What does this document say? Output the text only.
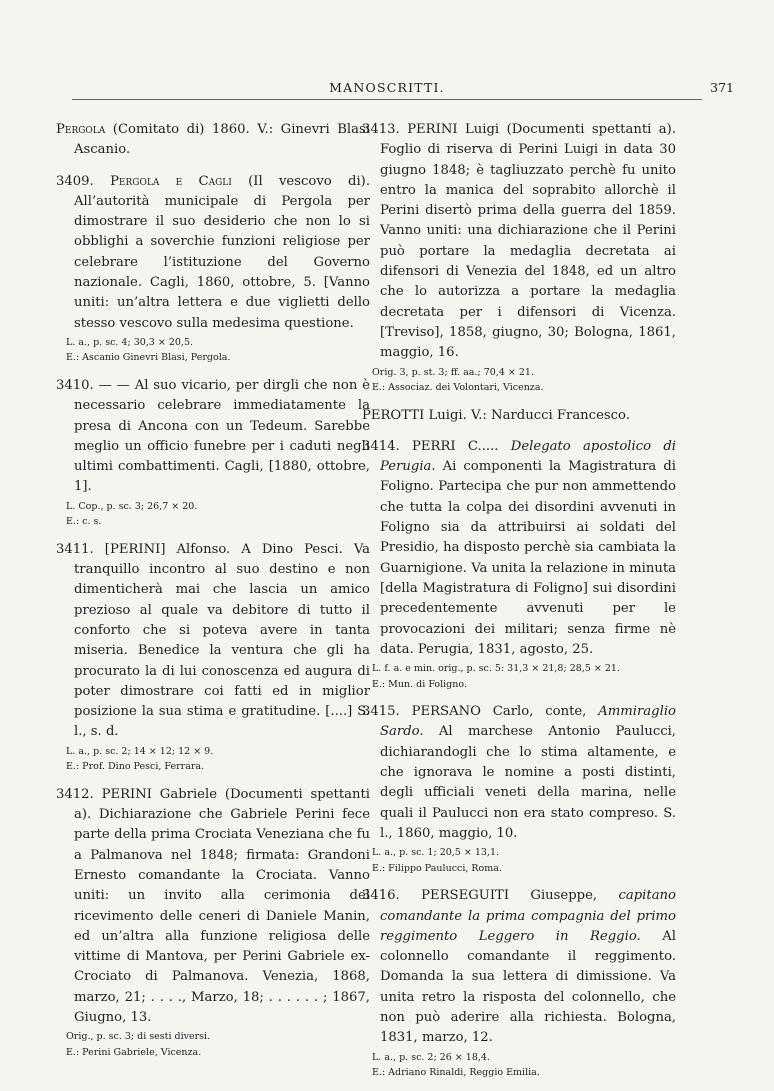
MANOSCRITTI.	371
Pergola (Comitato di) 1860. V.: Ginevri Blasi Ascanio.
3409. Pergola e Cagli (Il vescovo di). All’autorità municipale di Pergola per dimostrare il suo desiderio che non lo si obblighi a soverchie funzioni religiose per celebrare l’istituzione del Governo nazionale. Cagli, 1860, ottobre, 5. [Vanno uniti: un’altra lettera e due viglietti dello stesso vescovo sulla medesima questione.
L. a., p. sc. 4; 30,3 × 20,5.
E.: Ascanio Ginevri Blasi, Pergola.
3410. — — Al suo vicario, per dirgli che non è necessario celebrare immediatamente la presa di Ancona con un Tedeum. Sarebbe meglio un officio funebre per i caduti negli ultimi combattimenti. Cagli, [1880, ottobre, 1].
L. Cop., p. sc. 3; 26,7 × 20.
E.: c. s.
3411. [PERINI] Alfonso. A Dino Pesci. Va tranquillo incontro al suo destino e non dimenticherà mai che lascia un amico prezioso al quale va debitore di tutto il conforto che si poteva avere in tanta miseria. Benedice la ventura che gli ha procurato la di lui conoscenza ed augura di poter dimostrare coi fatti ed in miglior posizione la sua stima e gratitudine. [....] S. l., s. d.
L. a., p. sc. 2; 14 × 12; 12 × 9.
E.: Prof. Dino Pesci, Ferrara.
3412. PERINI Gabriele (Documenti spettanti a). Dichiarazione che Gabriele Perini fece parte della prima Crociata Veneziana che fu a Palmanova nel 1848; firmata: Grandoni Ernesto comandante la Crociata. Vanno uniti: un invito alla cerimonia del ricevimento delle ceneri di Daniele Manin, ed un’altra alla funzione religiosa delle vittime di Mantova, per Perini Gabriele ex-Crociato di Palmanova. Venezia, 1868, marzo, 21; . . . ., Marzo, 18; . . . . . . ; 1867, Giugno, 13.
Orig., p. sc. 3; di sesti diversi.
E.: Perini Gabriele, Vicenza.
3413. PERINI Luigi (Documenti spettanti a). Foglio di riserva di Perini Luigi in data 30 giugno 1848; è tagliuzzato perchè fu unito entro la manica del soprabito allorchè il Perini disertò prima della guerra del 1859. Vanno uniti: una dichiarazione che il Perini può portare la medaglia decretata ai difensori di Venezia del 1848, ed un altro che lo autorizza a portare la medaglia decretata per i difensori di Vicenza. [Treviso], 1858, giugno, 30; Bologna, 1861, maggio, 16.
Orig. 3, p. st. 3; ff. aa.; 70,4 × 21.
E.: Associaz. dei Volontari, Vicenza.
PEROTTI Luigi. V.: Narducci Francesco.
3414. PERRI C..... Delegato apostolico di Perugia. Ai componenti la Magistratura di Foligno. Partecipa che pur non ammettendo che tutta la colpa dei disordini avvenuti in Foligno sia da attribuirsi ai soldati del Presidio, ha disposto perchè sia cambiata la Guarnigione. Va unita la relazione in minuta [della Magistratura di Foligno] sui disordini precedentemente avvenuti per le provocazioni dei militari; senza firme nè data. Perugia, 1831, agosto, 25.
L. f. a. e min. orig., p. sc. 5: 31,3 × 21,8; 28,5 × 21.
E.: Mun. di Foligno.
3415. PERSANO Carlo, conte, Ammiraglio Sardo. Al marchese Antonio Paulucci, dichiarandogli che lo stima altamente, e che ignorava le nomine a posti distinti, degli ufficiali veneti della marina, nelle quali il Paulucci non era stato compreso. S. l., 1860, maggio, 10.
L. a., p. sc. 1; 20,5 × 13,1.
E.: Filippo Paulucci, Roma.
3416. PERSEGUITI Giuseppe, capitano comandante la prima compagnia del primo reggimento Leggero in Reggio. Al colonnello comandante il reggimento. Domanda la sua lettera di dimissione. Va unita retro la risposta del colonnello, che non può aderire alla richiesta. Bologna, 1831, marzo, 12.
L. a., p. sc. 2; 26 × 18,4.
E.: Adriano Rinaldi, Reggio Emilia.
